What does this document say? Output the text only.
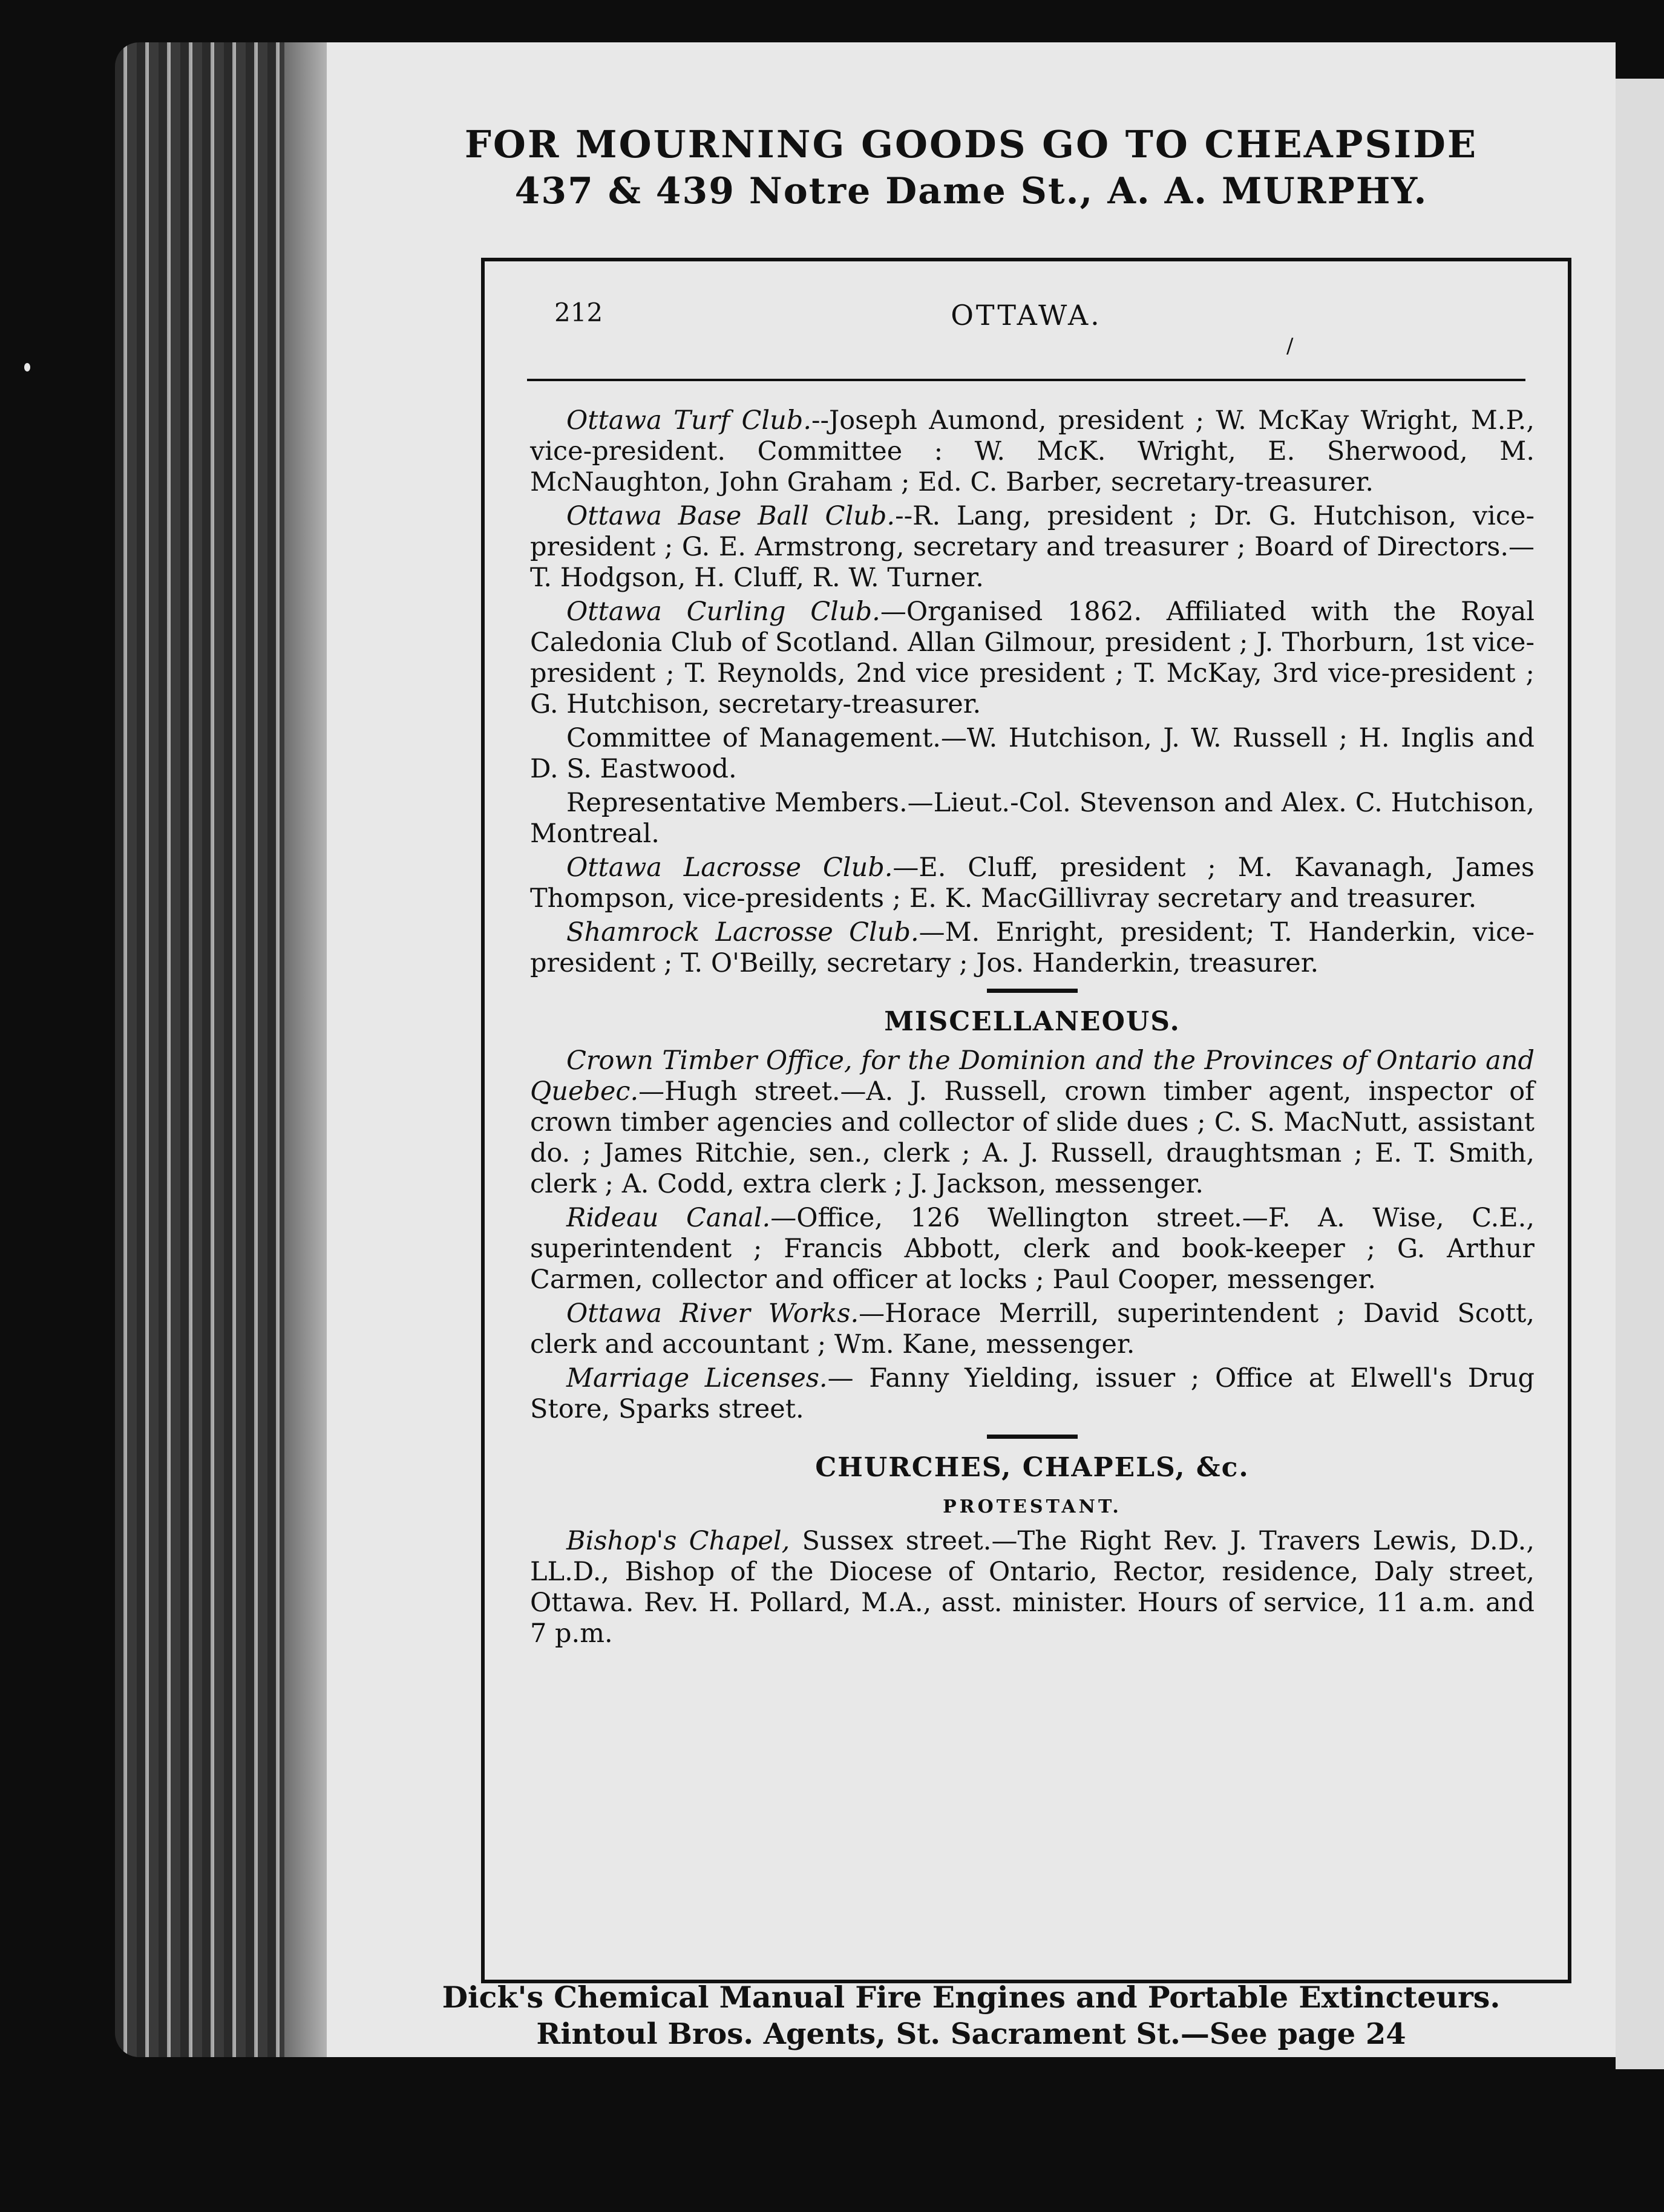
FOR MOURNING GOODS GO TO CHEAPSIDE
437 & 439 Notre Dame St., A. A. MURPHY.
212	OTTAWA.
/

Ottawa Turf Club.--Joseph Aumond, president ; W. McKay Wright, M.P., vice-president. Committee : W. McK. Wright, E. Sherwood, M. McNaughton, John Graham ; Ed. C. Barber, secretary-treasurer.

Ottawa Base Ball Club.--R. Lang, president ; Dr. G. Hutchison, vice-president ; G. E. Armstrong, secretary and treasurer ; Board of Directors.—T. Hodgson, H. Cluff, R. W. Turner.

Ottawa Curling Club.—Organised 1862. Affiliated with the Royal Caledonia Club of Scotland. Allan Gilmour, president ; J. Thorburn, 1st vice-president ; T. Reynolds, 2nd vice president ; T. McKay, 3rd vice-president ; G. Hutchison, secretary-treasurer.

Committee of Management.—W. Hutchison, J. W. Russell ; H. Inglis and D. S. Eastwood.

Representative Members.—Lieut.-Col. Stevenson and Alex. C. Hutchison, Montreal.

Ottawa Lacrosse Club.—E. Cluff, president ; M. Kavanagh, James Thompson, vice-presidents ; E. K. MacGillivray secretary and treasurer.

Shamrock Lacrosse Club.—M. Enright, president; T. Handerkin, vice-president ; T. O'Beilly, secretary ; Jos. Handerkin, treasurer.

MISCELLANEOUS.

Crown Timber Office, for the Dominion and the Provinces of Ontario and Quebec.—Hugh street.—A. J. Russell, crown timber agent, inspector of crown timber agencies and collector of slide dues ; C. S. MacNutt, assistant do. ; James Ritchie, sen., clerk ; A. J. Russell, draughtsman ; E. T. Smith, clerk ; A. Codd, extra clerk ; J. Jackson, messenger.

Rideau Canal.—Office, 126 Wellington street.—F. A. Wise, C.E., superintendent ; Francis Abbott, clerk and book-keeper ; G. Arthur Carmen, collector and officer at locks ; Paul Cooper, messenger.

Ottawa River Works.—Horace Merrill, superintendent ; David Scott, clerk and accountant ; Wm. Kane, messenger.

Marriage Licenses.— Fanny Yielding, issuer ; Office at Elwell's Drug Store, Sparks street.

CHURCHES, CHAPELS, &c.
PROTESTANT.

Bishop's Chapel, Sussex street.—The Right Rev. J. Travers Lewis, D.D., LL.D., Bishop of the Diocese of Ontario, Rector, residence, Daly street, Ottawa. Rev. H. Pollard, M.A., asst. minister. Hours of service, 11 a.m. and 7 p.m.

Dick's Chemical Manual Fire Engines and Portable Extincteurs.
Rintoul Bros. Agents, St. Sacrament St.—See page 24
